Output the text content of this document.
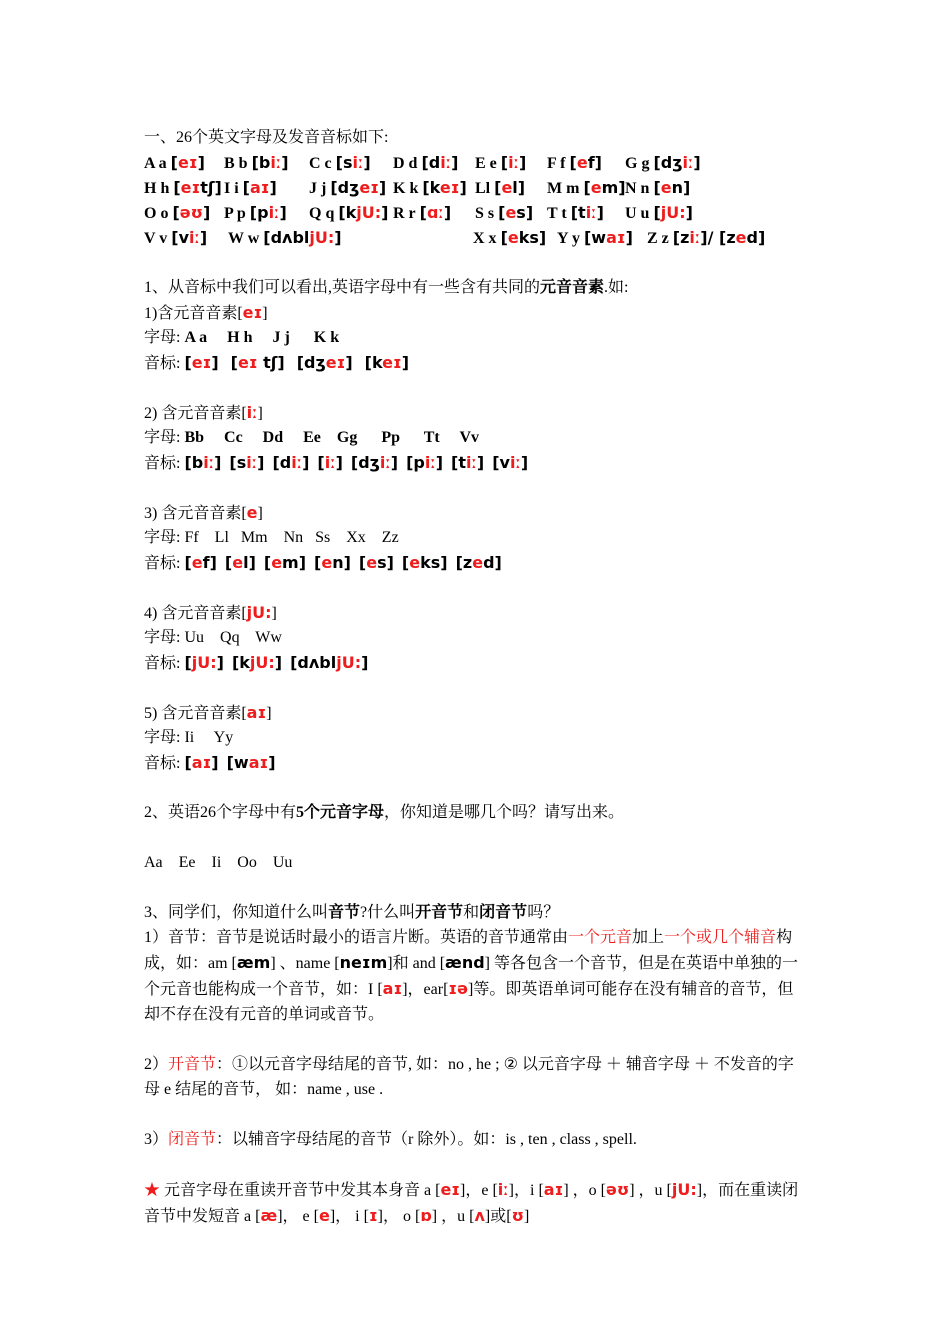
一、26个英文字母及发音音标如下:
A a [eɪ] B b [biː] C c [siː] D d [diː] E e [iː] F f [ef] G g [dʒiː]
H h [eɪtʃ] I i [aɪ] J j [dʒeɪ] K k [keɪ] Ll [el] M m [em]N n [en]
O o [əʊ] P p [piː] Q q [kjU:] R r [ɑː] S s [es] T t [tiː] U u [jU:]
V v [viː] W w [dʌbljU:]	X x [eks] Y y [waɪ] Z z [ziː]/ [zed]
1、从音标中我们可以看出,英语字母中有一些含有共同的元音音素.如:
1)含元音音素[eɪ]
字母: A a     H h     J j      K k
音标: [eɪ] [eɪ tʃ] [dʒeɪ] [keɪ]
2) 含元音音素[iː]
字母: Bb     Cc     Dd     Ee    Gg      Pp      Tt     Vv
音标: [biː] [siː] [diː] [iː] [dʒiː] [piː] [tiː] [viː]
3) 含元音音素[e]
字母: Ff    Ll   Mm    Nn   Ss    Xx    Zz
音标: [ef] [el] [em] [en] [es] [eks] [zed]
4) 含元音音素[jU:]
字母: Uu    Qq    Ww
音标: [jU:] [kjU:] [dʌbljU:]
5) 含元音音素[aɪ]
字母: Ii     Yy
音标: [aɪ] [waɪ]
2、英语26个字母中有5个元音字母，你知道是哪几个吗？请写出来。
Aa    Ee    Ii    Oo    Uu
3、同学们，你知道什么叫音节?什么叫开音节和闭音节吗？
1）音节：音节是说话时最小的语言片断。英语的音节通常由一个元音加上一个或几个辅音构成，如：am [æm] 、name [neɪm]和 and [ænd] 等各包含一个音节，但是在英语中单独的一个元音也能构成一个音节，如：I [aɪ]，ear[ɪə]等。即英语单词可能存在没有辅音的音节，但却不存在没有元音的单词或音节。
2）开音节：①以元音字母结尾的音节, 如：no , he ; ② 以元音字母 ＋ 辅音字母 ＋ 不发音的字母 e 结尾的音节， 如：name , use .
3）闭音节：以辅音字母结尾的音节（r 除外）。如：is , ten , class , spell.
★ 元音字母在重读开音节中发其本身音 a [eɪ]，e [iː]，i [aɪ] ，o [əʊ] ，u [jU:]，而在重读闭音节中发短音 a [æ]， e [e]， i [ɪ]， o [ɒ] ，u [ʌ]或[ʊ]
